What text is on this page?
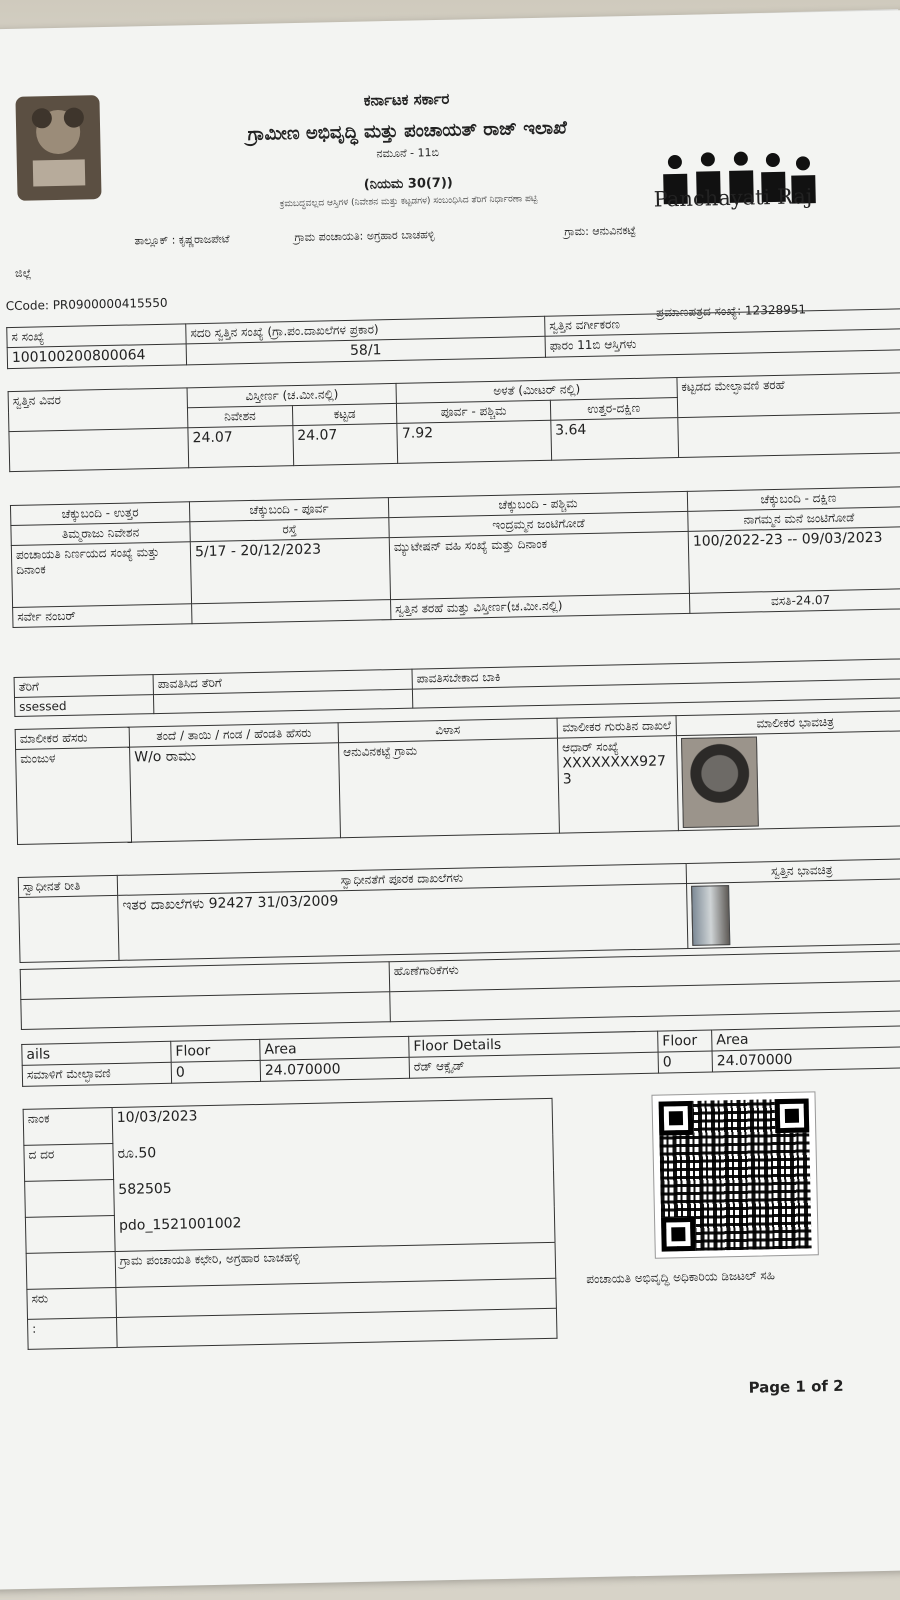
ಕರ್ನಾಟಕ ಸರ್ಕಾರ
ಗ್ರಾಮೀಣ ಅಭಿವೃದ್ಧಿ ಮತ್ತು ಪಂಚಾಯತ್ ರಾಜ್ ಇಲಾಖೆ
ನಮೂನೆ - 11ಬಿ
(ನಿಯಮ 30(7))
ಕ್ರಮಬದ್ಧವಲ್ಲದ ಆಸ್ತಿಗಳ (ನಿವೇಶನ ಮತ್ತು ಕಟ್ಟಡಗಳ) ಸಂಬಂಧಿಸಿದ ತೆರಿಗೆ ನಿರ್ಧಾರಣಾ ಪಟ್ಟಿ	Panchayati Raj
ಜಿಲ್ಲೆ
ತಾಲ್ಲೂಕ್ : ಕೃಷ್ಣರಾಜಪೇಟೆ	ಗ್ರಾಮ ಪಂಚಾಯತಿ: ಅಗ್ರಹಾರ ಬಾಚಹಳ್ಳಿ	ಗ್ರಾಮ: ಆನುವಿನಕಟ್ಟೆ
CCode: PR0900000415550	ಪ್ರಮಾಣಪತ್ರದ ಸಂಖ್ಯೆ: 12328951
ಸ ಸಂಖ್ಯೆ	ಸದರಿ ಸ್ವತ್ತಿನ ಸಂಖ್ಯೆ (ಗ್ರಾ.ಪಂ.ದಾಖಲೆಗಳ ಪ್ರಕಾರ)	ಸ್ವತ್ತಿನ ವರ್ಗೀಕರಣ
100100200800064	58/1	ಫಾರಂ 11ಬಿ ಆಸ್ತಿಗಳು
ಸ್ವತ್ತಿನ ವಿವರ	ವಿಸ್ತೀರ್ಣ (ಚ.ಮೀ.ನಲ್ಲಿ)		ಅಳತೆ (ಮೀಟರ್ ನಲ್ಲಿ)		ಕಟ್ಟಡದ ಮೇಲ್ಛಾವಣಿ ತರಹೆ
	ನಿವೇಶನ	ಕಟ್ಟಡ	ಪೂರ್ವ - ಪಶ್ಚಿಮ	ಉತ್ತರ-ದಕ್ಷಿಣ	
	24.07	24.07	7.92	3.64	
ಚೆಕ್ಕುಬಂದಿ - ಉತ್ತರ	ಚೆಕ್ಕುಬಂದಿ - ಪೂರ್ವ	ಚೆಕ್ಕುಬಂದಿ - ಪಶ್ಚಿಮ	ಚೆಕ್ಕುಬಂದಿ - ದಕ್ಷಿಣ
ತಿಮ್ಮರಾಜು ನಿವೇಶನ	ರಸ್ತೆ	ಇಂದ್ರಮ್ಮನ ಜಂಟಿಗೋಡೆ	ನಾಗಮ್ಮನ ಮನೆ ಜಂಟಿಗೋಡೆ
ಪಂಚಾಯತಿ ನಿರ್ಣಯದ ಸಂಖ್ಯೆ ಮತ್ತು ದಿನಾಂಕ	5/17 - 20/12/2023	ಮ್ಯುಟೇಷನ್ ವಹಿ ಸಂಖ್ಯೆ ಮತ್ತು ದಿನಾಂಕ	100/2022-23 -- 09/03/2023
ಸರ್ವೇ ನಂಬರ್		ಸ್ವತ್ತಿನ ತರಹೆ ಮತ್ತು ವಿಸ್ತೀರ್ಣ(ಚ.ಮೀ.ನಲ್ಲಿ)	ವಸತಿ-24.07
ತೆರಿಗೆ	ಪಾವತಿಸಿದ ತೆರಿಗೆ	ಪಾವತಿಸಬೇಕಾದ ಬಾಕಿ
ssessed		
ಮಾಲೀಕರ ಹೆಸರು	ತಂದೆ / ತಾಯಿ / ಗಂಡ / ಹೆಂಡತಿ ಹೆಸರು	ವಿಳಾಸ	ಮಾಲೀಕರ ಗುರುತಿನ ದಾಖಲೆ	ಮಾಲೀಕರ ಭಾವಚಿತ್ರ
ಮಂಜುಳ	W/o ರಾಮು	ಆನುವಿನಕಟ್ಟೆ ಗ್ರಾಮ	ಆಧಾರ್ ಸಂಖ್ಯೆ
XXXXXXXX9273	

ಸ್ವಾಧೀನತೆ ರೀತಿ	ಸ್ವಾಧೀನತೆಗೆ ಪೂರಕ ದಾಖಲೆಗಳು	ಸ್ವತ್ತಿನ ಭಾವಚಿತ್ರ
	ಇತರ ದಾಖಲೆಗಳು 92427 31/03/2009	
	ಹೊಣೆಗಾರಿಕೆಗಳು

ails	Floor	Area	Floor Details	Floor	Area
ಸಮಾಳಿಗೆ ಮೇಲ್ಛಾವಣಿ	0	24.070000	ರೆಡ್ ಆಕ್ಸೈಡ್	0	24.070000
ನಾಂಕ	10/03/2023
ದ ದರ	ರೂ.50
	582505
	pdo_1521001002
	ಗ್ರಾಮ ಪಂಚಾಯತಿ ಕಛೇರಿ, ಅಗ್ರಹಾರ ಬಾಚಹಳ್ಳಿ
ಸರು	
:	
ಪಂಚಾಯತಿ ಅಭಿವೃದ್ಧಿ ಅಧಿಕಾರಿಯ ಡಿಜಟಲ್ ಸಹಿ
Page 1 of 2
